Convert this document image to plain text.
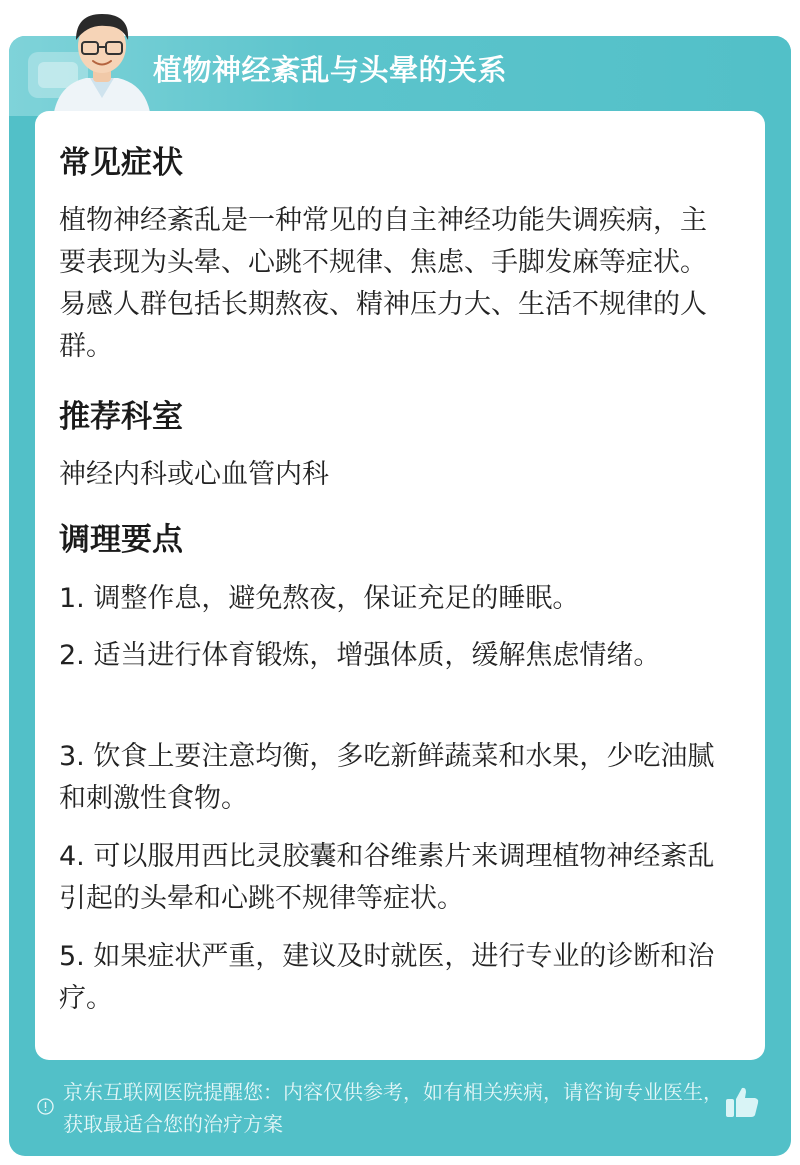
植物神经紊乱与头晕的关系
常见症状

植物神经紊乱是一种常见的自主神经功能失调疾病，主要表现为头晕、心跳不规律、焦虑、手脚发麻等症状。易感人群包括长期熬夜、精神压力大、生活不规律的人群。

推荐科室

神经内科或心血管内科

调理要点

1. 调整作息，避免熬夜，保证充足的睡眠。

2. 适当进行体育锻炼，增强体质，缓解焦虑情绪。

3. 饮食上要注意均衡，多吃新鲜蔬菜和水果，少吃油腻和刺激性食物。

4. 可以服用西比灵胶囊和谷维素片来调理植物神经紊乱引起的头晕和心跳不规律等症状。

5. 如果症状严重，建议及时就医，进行专业的诊断和治疗。

京东互联网医院提醒您：内容仅供参考，如有相关疾病，请咨询专业医生，获取最适合您的治疗方案
